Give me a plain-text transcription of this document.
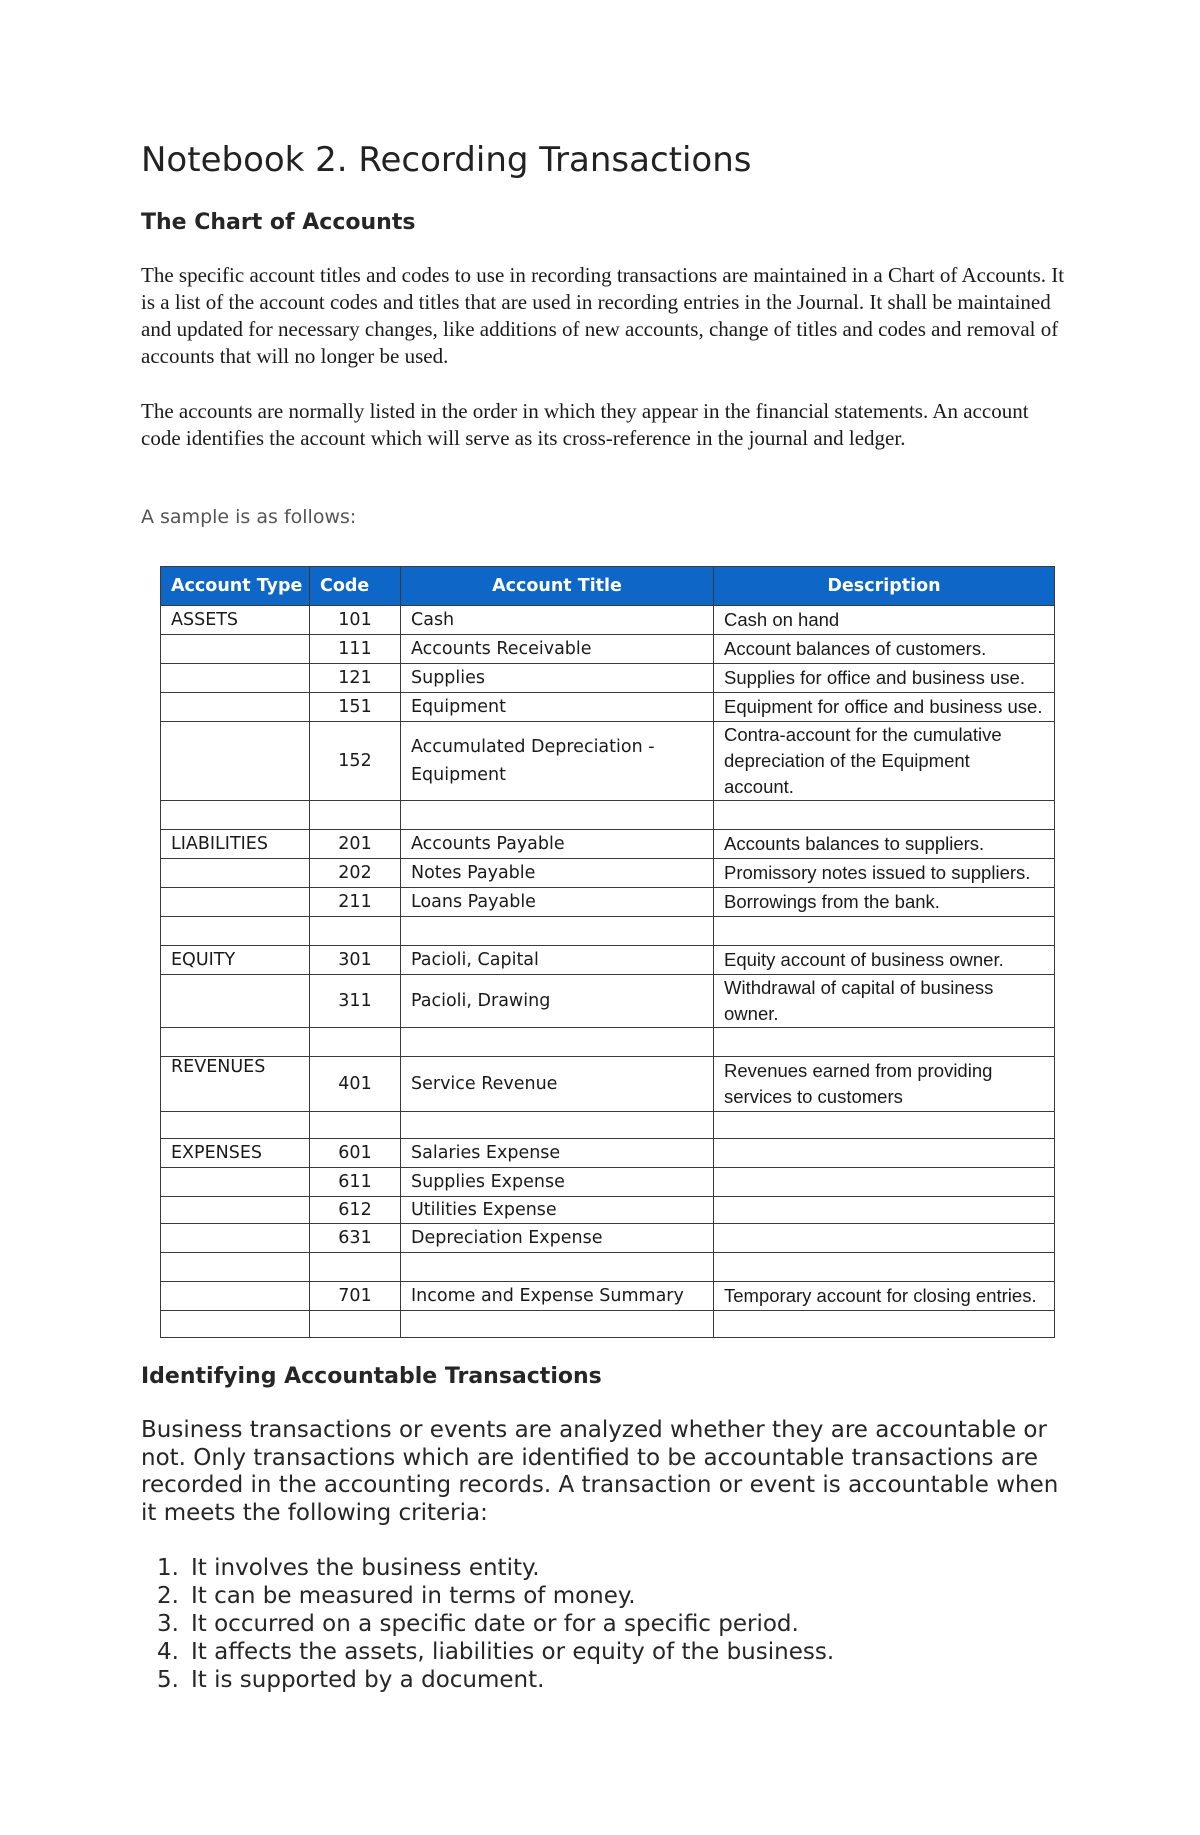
Notebook 2. Recording Transactions
The Chart of Accounts

The specific account titles and codes to use in recording transactions are maintained in a Chart of Accounts. It is a list of the account codes and titles that are used in recording entries in the Journal. It shall be maintained and updated for necessary changes, like additions of new accounts, change of titles and codes and removal of accounts that will no longer be used.

The accounts are normally listed in the order in which they appear in the financial statements. An account code identifies the account which will serve as its cross-reference in the journal and ledger.

A sample is as follows:

Account Type	Code	Account Title	Description
ASSETS	101	Cash	Cash on hand
	111	Accounts Receivable	Account balances of customers.
	121	Supplies	Supplies for office and business use.
	151	Equipment	Equipment for office and business use.
	152	Accumulated Depreciation - Equipment	Contra-account for the cumulative depreciation of the Equipment account.

LIABILITIES	201	Accounts Payable	Accounts balances to suppliers.
	202	Notes Payable	Promissory notes issued to suppliers.
	211	Loans Payable	Borrowings from the bank.

EQUITY	301	Pacioli, Capital	Equity account of business owner.
	311	Pacioli, Drawing	Withdrawal of capital of business owner.

REVENUES	401	Service Revenue	Revenues earned from providing services to customers

EXPENSES	601	Salaries Expense	
	611	Supplies Expense	
	612	Utilities Expense	
	631	Depreciation Expense	

	701	Income and Expense Summary	Temporary account for closing entries.

Identifying Accountable Transactions

Business transactions or events are analyzed whether they are accountable or not. Only transactions which are identified to be accountable transactions are recorded in the accounting records. A transaction or event is accountable when it meets the following criteria:

1. It involves the business entity.
2. It can be measured in terms of money.
3. It occurred on a specific date or for a specific period.
4. It affects the assets, liabilities or equity of the business.
5. It is supported by a document.
